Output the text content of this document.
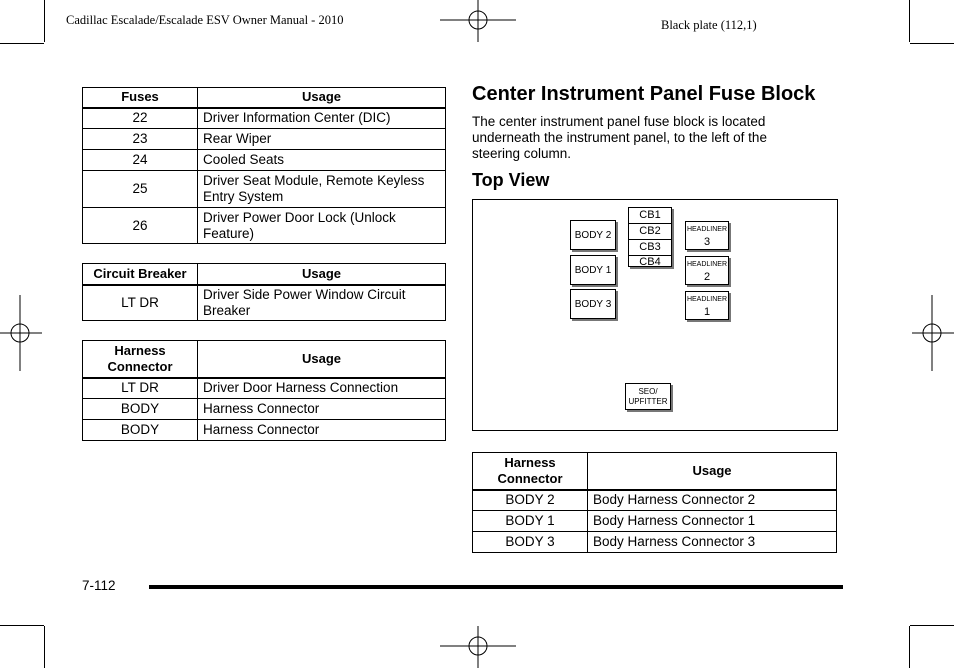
Cadillac Escalade/Escalade ESV Owner Manual - 2010	Black plate (112,1)
Fuses	Usage
22	Driver Information Center (DIC)
23	Rear Wiper
24	Cooled Seats
25	Driver Seat Module, Remote Keyless Entry System
26	Driver Power Door Lock (Unlock Feature)
Circuit Breaker	Usage
LT DR	Driver Side Power Window Circuit Breaker
Harness Connector	Usage
LT DR	Driver Door Harness Connection
BODY	Harness Connector
BODY	Harness Connector
Center Instrument Panel Fuse Block
The center instrument panel fuse block is located underneath the instrument panel, to the left of the steering column.
Top View
BODY 2
BODY 1
BODY 3
CB1
CB2
CB3
CB4
HEADLINER
3
HEADLINER
2
HEADLINER
1
SEO/
UPFITTER
Harness Connector	Usage
BODY 2	Body Harness Connector 2
BODY 1	Body Harness Connector 1
BODY 3	Body Harness Connector 3
7-112
